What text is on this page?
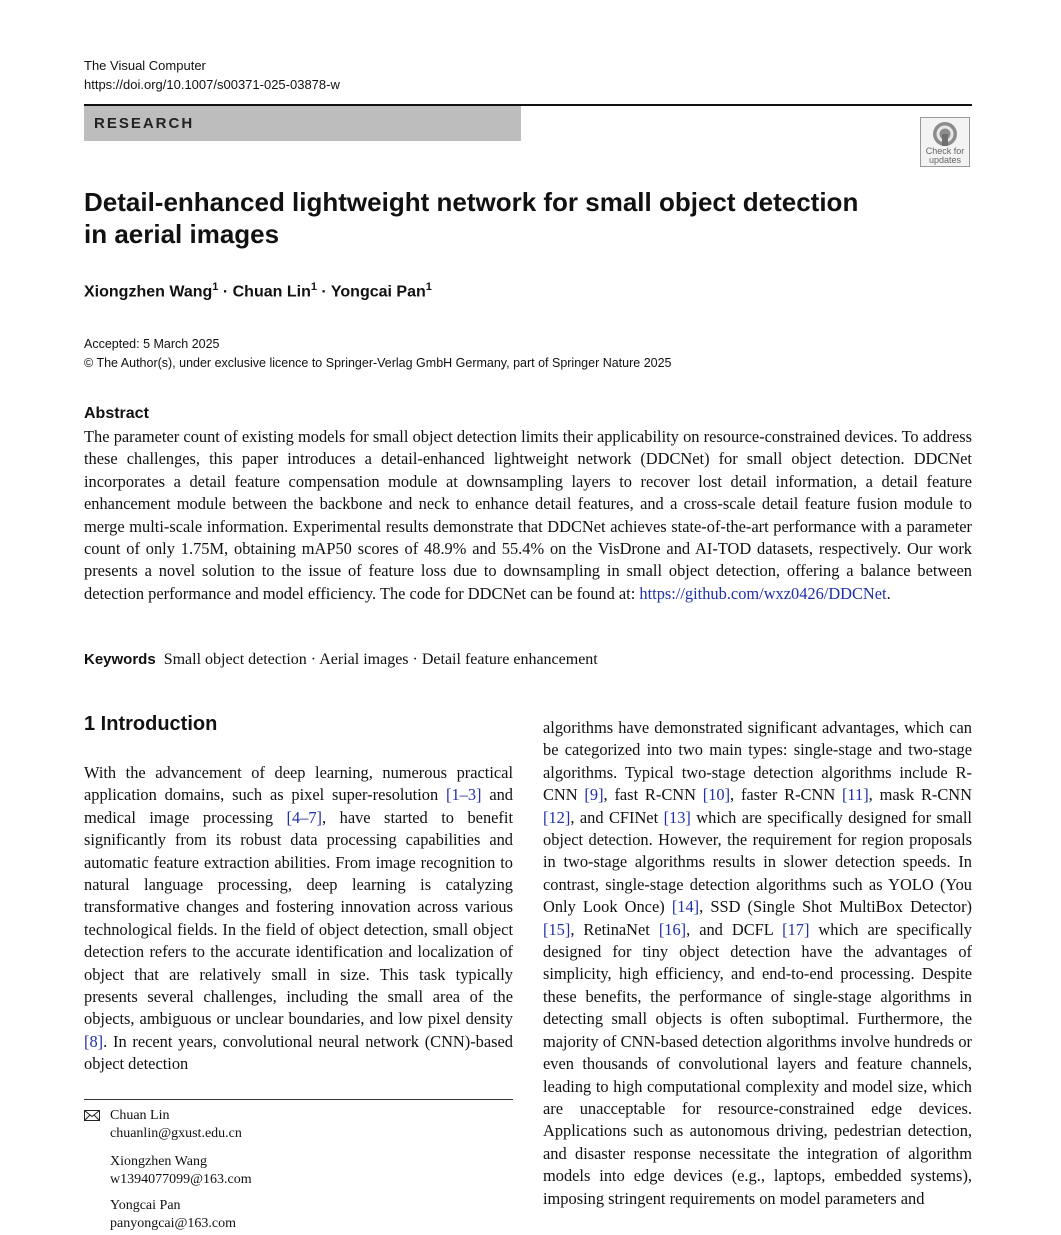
The Visual Computer
https://doi.org/10.1007/s00371-025-03878-w
RESEARCH
Check for
updates
Detail-enhanced lightweight network for small object detection in aerial images
Xiongzhen Wang$^1$ · Chuan Lin$^1$ · Yongcai Pan$^1$
Accepted: 5 March 2025
© The Author(s), under exclusive licence to Springer-Verlag GmbH Germany, part of Springer Nature 2025
Abstract

The parameter count of existing models for small object detection limits their applicability on resource-constrained devices. To address these challenges, this paper introduces a detail-enhanced lightweight network (DDCNet) for small object detection. DDCNet incorporates a detail feature compensation module at downsampling layers to recover lost detail information, a detail feature enhancement module between the backbone and neck to enhance detail features, and a cross-scale detail feature fusion module to merge multi-scale information. Experimental results demonstrate that DDCNet achieves state-of-the-art performance with a parameter count of only 1.75M, obtaining mAP50 scores of 48.9% and 55.4% on the VisDrone and AI-TOD datasets, respectively. Our work presents a novel solution to the issue of feature loss due to downsampling in small object detection, offering a balance between detection performance and model efficiency. The code for DDCNet can be found at: https://github.com/wxz0426/DDCNet.

Keywords Small object detection · Aerial images · Detail feature enhancement
1 Introduction

With the advancement of deep learning, numerous practical application domains, such as pixel super-resolution [1–3] and medical image processing [4–7], have started to benefit significantly from its robust data processing capabilities and automatic feature extraction abilities. From image recognition to natural language processing, deep learning is catalyzing transformative changes and fostering innovation across various technological fields. In the field of object detection, small object detection refers to the accurate identification and localization of object that are relatively small in size. This task typically presents several challenges, including the small area of the objects, ambiguous or unclear boundaries, and low pixel density [8]. In recent years, convolutional neural network (CNN)-based object detection

algorithms have demonstrated significant advantages, which can be categorized into two main types: single-stage and two-stage algorithms. Typical two-stage detection algorithms include R-CNN [9], fast R-CNN [10], faster R-CNN [11], mask R-CNN [12], and CFINet [13] which are specifically designed for small object detection. However, the requirement for region proposals in two-stage algorithms results in slower detection speeds. In contrast, single-stage detection algorithms such as YOLO (You Only Look Once) [14], SSD (Single Shot MultiBox Detector) [15], RetinaNet [16], and DCFL [17] which are specifically designed for tiny object detection have the advantages of simplicity, high efficiency, and end-to-end processing. Despite these benefits, the performance of single-stage algorithms in detecting small objects is often suboptimal. Furthermore, the majority of CNN-based detection algorithms involve hundreds or even thousands of convolutional layers and feature channels, leading to high computational complexity and model size, which are unacceptable for resource-constrained edge devices. Applications such as autonomous driving, pedestrian detection, and disaster response necessitate the integration of algorithm models into edge devices (e.g., laptops, embedded systems), imposing stringent requirements on model parameters and

Chuan Lin
chuanlin@gxust.edu.cn
Xiongzhen Wang
w1394077099@163.com
Yongcai Pan
panyongcai@163.com
